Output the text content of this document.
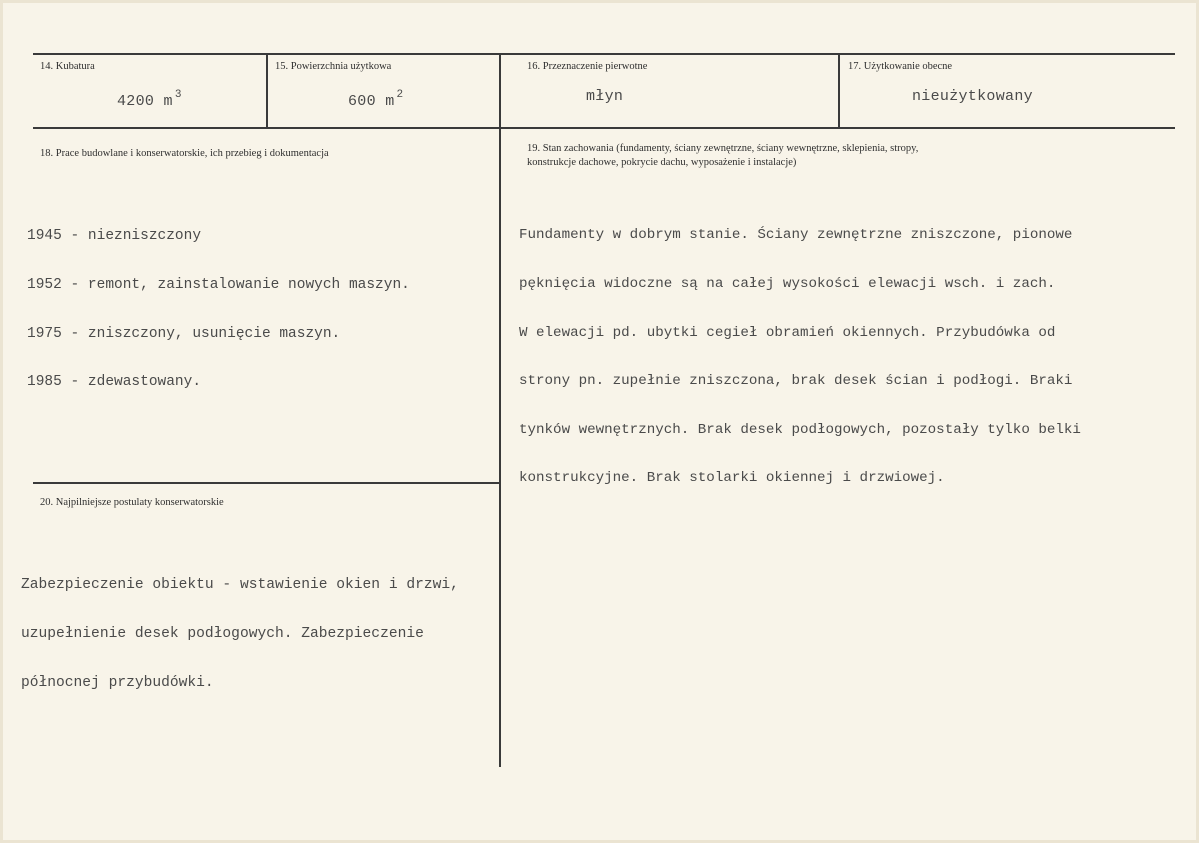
14. Kubatura
4200 m $^3$
15. Powierzchnia użytkowa
600 m $^2$
16. Przeznaczenie pierwotne
młyn
17. Użytkowanie obecne
nieużytkowany
18. Prace budowlane i konserwatorskie, ich przebieg i dokumentacja

1945 - niezniszczony

1952 - remont, zainstalowanie nowych maszyn.

1975 - zniszczony, usunięcie maszyn.

1985 - zdewastowany.

19. Stan zachowania (fundamenty, ściany zewnętrzne, ściany wewnętrzne, sklepienia, stropy,
konstrukcje dachowe, pokrycie dachu, wyposażenie i instalacje)

Fundamenty w dobrym stanie. Ściany zewnętrzne zniszczone, pionowe

pęknięcia widoczne są na całej wysokości elewacji wsch. i zach.

W elewacji pd. ubytki cegieł obramień okiennych. Przybudówka od

strony pn. zupełnie zniszczona, brak desek ścian i podłogi. Braki

tynków wewnętrznych. Brak desek podłogowych, pozostały tylko belki

konstrukcyjne. Brak stolarki okiennej i drzwiowej.

20. Najpilniejsze postulaty konserwatorskie

Zabezpieczenie obiektu - wstawienie okien i drzwi,

uzupełnienie desek podłogowych. Zabezpieczenie

północnej przybudówki.
